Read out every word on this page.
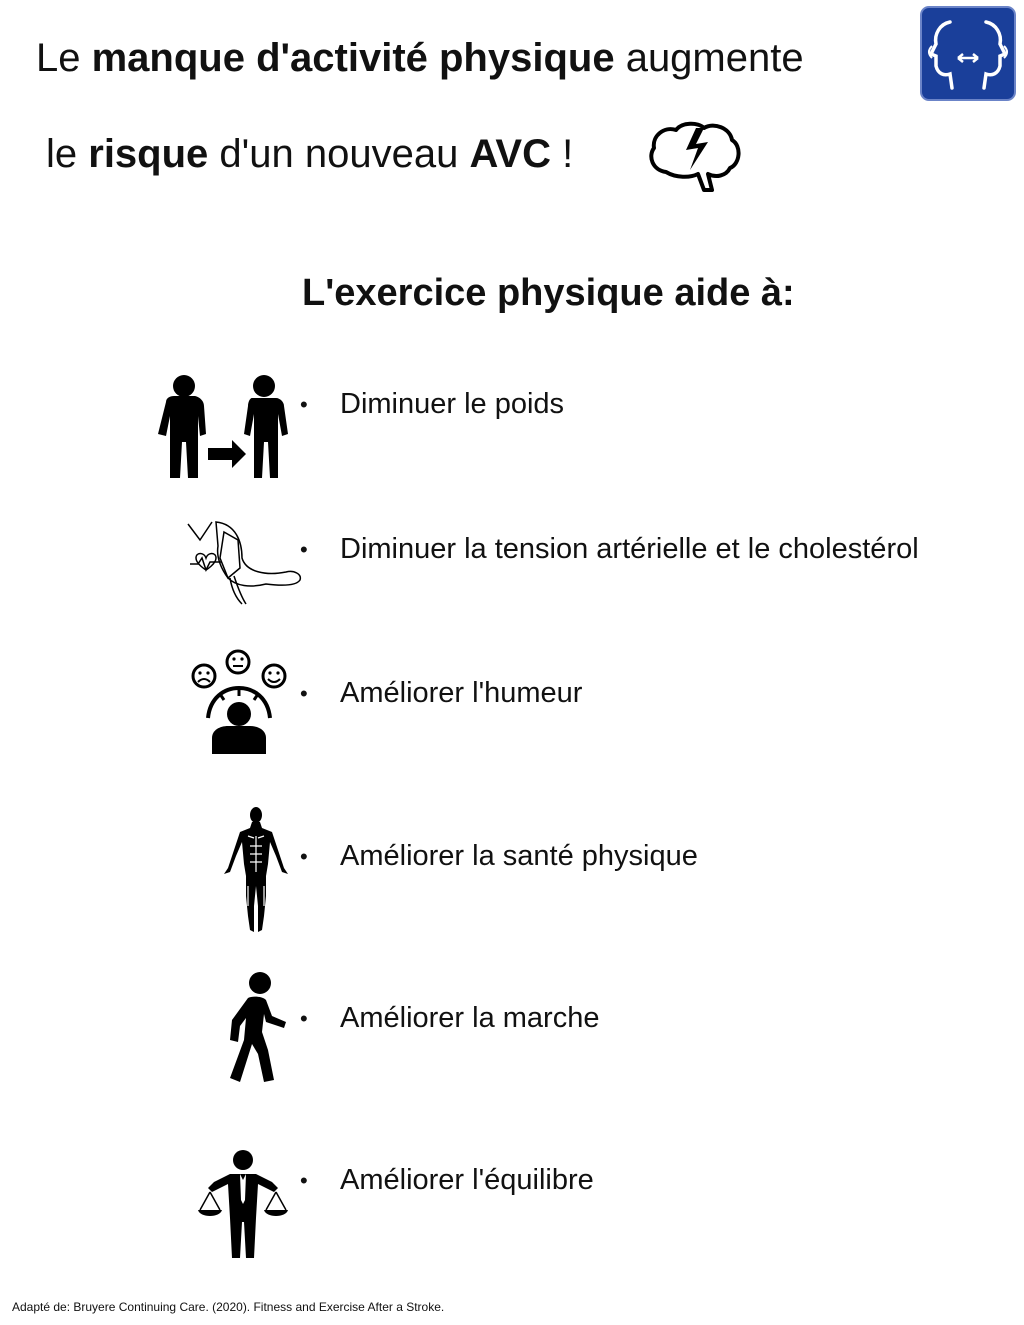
Le manque d'activité physique augmente
le risque d'un nouveau AVC !
L'exercice physique aide à:
• Diminuer le poids
• Diminuer la tension artérielle et le cholestérol
• Améliorer l'humeur
• Améliorer la santé physique
• Améliorer la marche
• Améliorer l'équilibre
Adapté de: Bruyere Continuing Care. (2020). Fitness and Exercise After a Stroke.
